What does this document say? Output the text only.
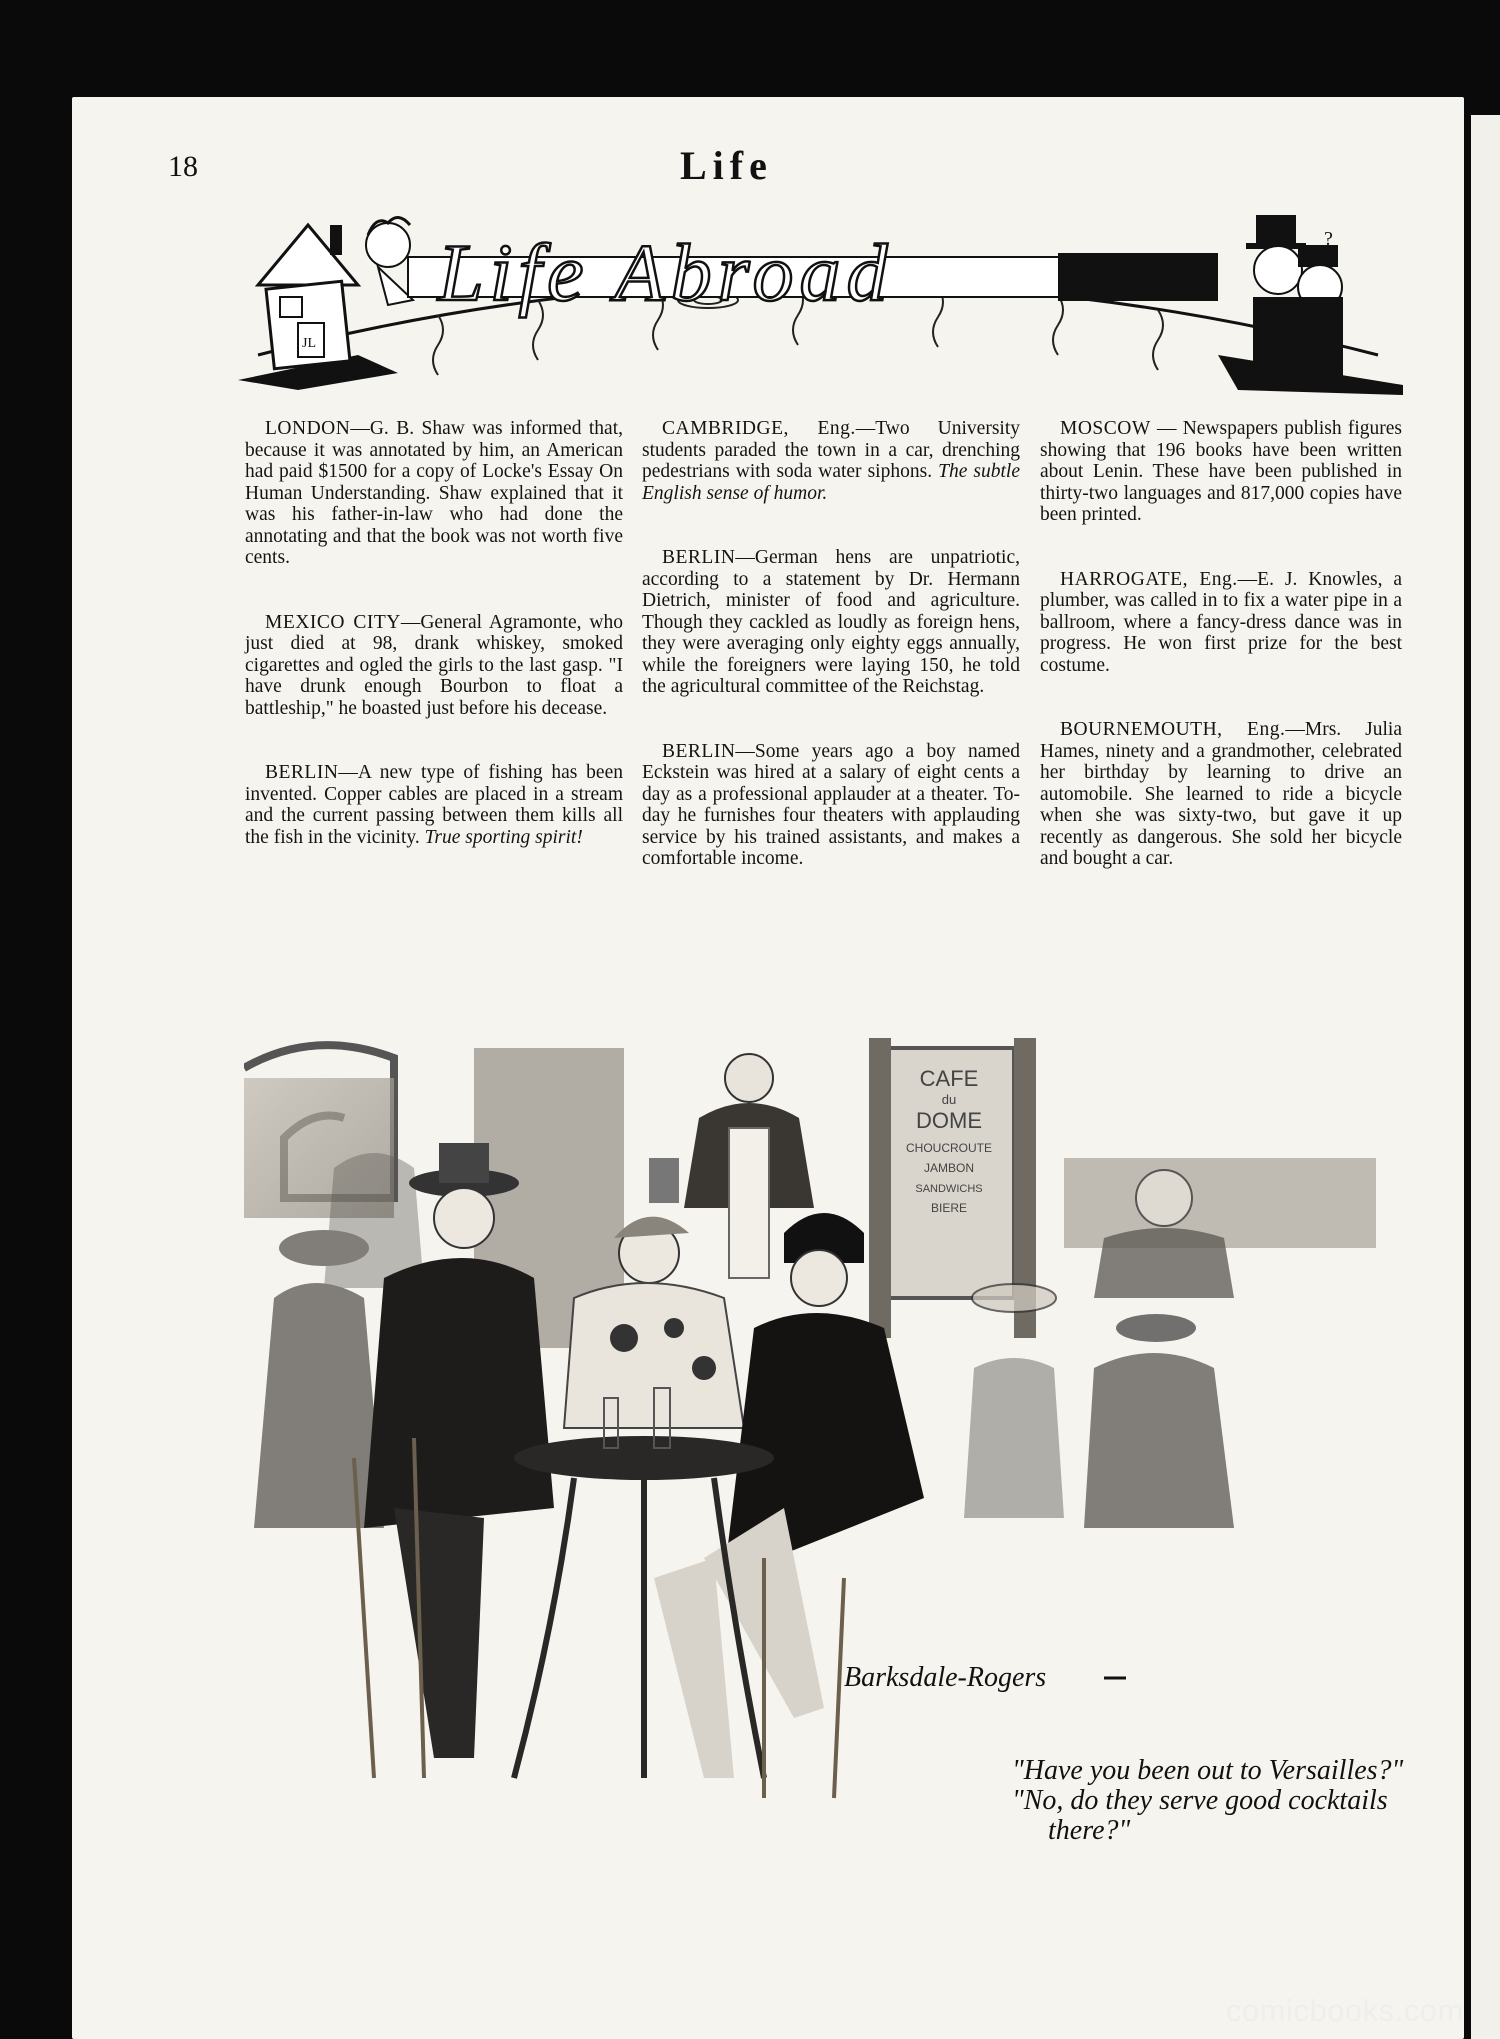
18	Life
JL
Life Abroad	?

LONDON—G. B. Shaw was informed that, because it was annotated by him, an American had paid $1500 for a copy of Locke's Essay On Human Understanding. Shaw explained that it was his father-in-law who had done the annotating and that the book was not worth five cents.

MEXICO CITY—General Agramonte, who just died at 98, drank whiskey, smoked cigarettes and ogled the girls to the last gasp. "I have drunk enough Bourbon to float a battleship," he boasted just before his decease.

BERLIN—A new type of fishing has been invented. Copper cables are placed in a stream and the current passing between them kills all the fish in the vicinity. True sporting spirit!

CAMBRIDGE, Eng.—Two University students paraded the town in a car, drenching pedestrians with soda water siphons. The subtle English sense of humor.

BERLIN—German hens are unpatriotic, according to a statement by Dr. Hermann Dietrich, minister of food and agriculture. Though they cackled as loudly as foreign hens, they were averaging only eighty eggs annually, while the foreigners were laying 150, he told the agricultural committee of the Reichstag.

BERLIN—Some years ago a boy named Eckstein was hired at a salary of eight cents a day as a professional applauder at a theater. To-day he furnishes four theaters with applauding service by his trained assistants, and makes a comfortable income.

MOSCOW — Newspapers publish figures showing that 196 books have been written about Lenin. These have been published in thirty-two languages and 817,000 copies have been printed.

HARROGATE, Eng.—E. J. Knowles, a plumber, was called in to fix a water pipe in a ballroom, where a fancy-dress dance was in progress. He won first prize for the best costume.

BOURNEMOUTH, Eng.—Mrs. Julia Hames, ninety and a grandmother, celebrated her birthday by learning to drive an automobile. She learned to ride a bicycle when she was sixty-two, but gave it up recently as dangerous. She sold her bicycle and bought a car.

CAFE
du
DOME
CHOUCROUTE
JAMBON
SANDWICHS
BIERE
Barksdale-Rogers
"Have you been out to Versailles?"
"No, do they serve good cocktails
there?"
comicbooks.com
